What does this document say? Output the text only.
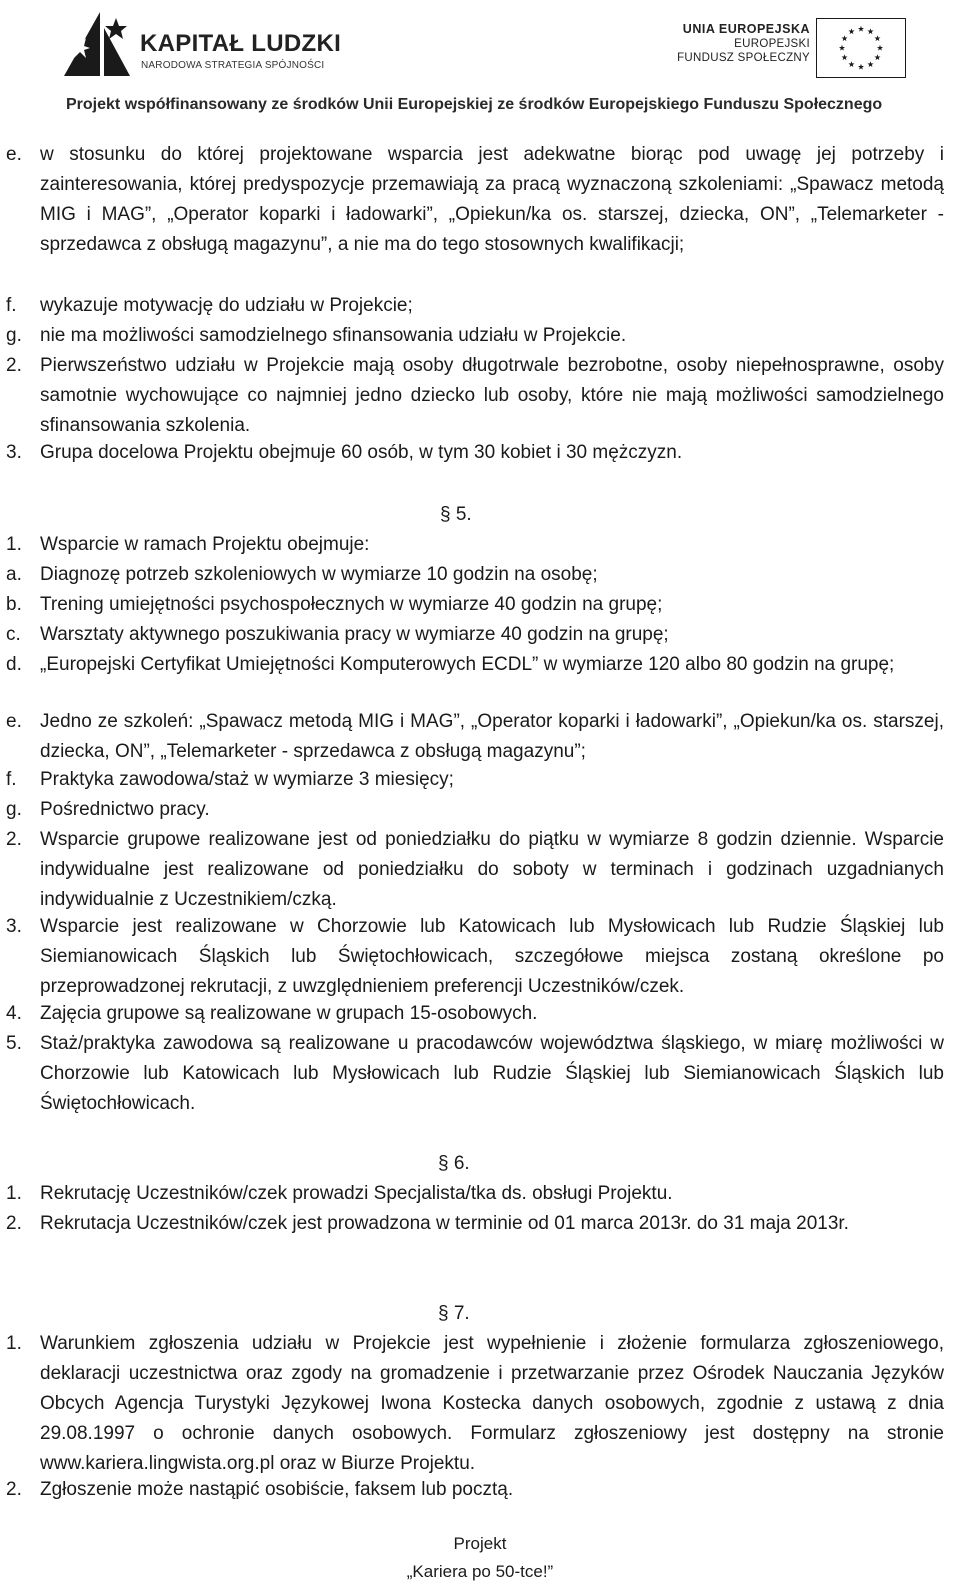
KAPITAŁ LUDZKI
NARODOWA STRATEGIA SPÓJNOŚCI
UNIA EUROPEJSKA
EUROPEJSKI
FUNDUSZ SPOŁECZNY
Projekt współfinansowany ze środków Unii Europejskiej ze środków Europejskiego Funduszu Społecznego
e. w stosunku do której projektowane wsparcia jest adekwatne biorąc pod uwagę jej potrzeby i zainteresowania, której predyspozycje przemawiają za pracą wyznaczoną szkoleniami: „Spawacz metodą MIG i MAG”, „Operator koparki i ładowarki”, „Opiekun/ka os. starszej, dziecka, ON”, „Telemarketer - sprzedawca z obsługą magazynu”, a nie ma do tego stosownych kwalifikacji;
f. wykazuje motywację do udziału w Projekcie;
g. nie ma możliwości samodzielnego sfinansowania udziału w Projekcie.
2. Pierwszeństwo udziału w Projekcie mają osoby długotrwale bezrobotne, osoby niepełnosprawne, osoby samotnie wychowujące co najmniej jedno dziecko lub osoby, które nie mają możliwości samodzielnego sfinansowania szkolenia.
3. Grupa docelowa Projektu obejmuje 60 osób, w tym 30 kobiet i 30 mężczyzn.
§ 5.
1. Wsparcie w ramach Projektu obejmuje:
a. Diagnozę potrzeb szkoleniowych w wymiarze 10 godzin na osobę;
b. Trening umiejętności psychospołecznych w wymiarze 40 godzin na grupę;
c. Warsztaty aktywnego poszukiwania pracy w wymiarze 40 godzin na grupę;
d. „Europejski Certyfikat Umiejętności Komputerowych ECDL” w wymiarze 120 albo 80 godzin na grupę;
e. Jedno ze szkoleń: „Spawacz metodą MIG i MAG”, „Operator koparki i ładowarki”, „Opiekun/ka os. starszej, dziecka, ON”, „Telemarketer - sprzedawca z obsługą magazynu”;
f. Praktyka zawodowa/staż w wymiarze 3 miesięcy;
g. Pośrednictwo pracy.
2. Wsparcie grupowe realizowane jest od poniedziałku do piątku w wymiarze 8 godzin dziennie. Wsparcie indywidualne jest realizowane od poniedziałku do soboty w terminach i godzinach uzgadnianych indywidualnie z Uczestnikiem/czką.
3. Wsparcie jest realizowane w Chorzowie lub Katowicach lub Mysłowicach lub Rudzie Śląskiej lub Siemianowicach Śląskich lub Świętochłowicach, szczegółowe miejsca zostaną określone po przeprowadzonej rekrutacji, z uwzględnieniem preferencji Uczestników/czek.
4. Zajęcia grupowe są realizowane w grupach 15-osobowych.
5. Staż/praktyka zawodowa są realizowane u pracodawców województwa śląskiego, w miarę możliwości w Chorzowie lub Katowicach lub Mysłowicach lub Rudzie Śląskiej lub Siemianowicach Śląskich lub Świętochłowicach.
§ 6.
1. Rekrutację Uczestników/czek prowadzi Specjalista/tka ds. obsługi Projektu.
2. Rekrutacja Uczestników/czek jest prowadzona w terminie od 01 marca 2013r. do 31 maja 2013r.
§ 7.
1. Warunkiem zgłoszenia udziału w Projekcie jest wypełnienie i złożenie formularza zgłoszeniowego, deklaracji uczestnictwa oraz zgody na gromadzenie i przetwarzanie przez Ośrodek Nauczania Języków Obcych Agencja Turystyki Językowej Iwona Kostecka danych osobowych, zgodnie z ustawą z dnia 29.08.1997 o ochronie danych osobowych. Formularz zgłoszeniowy jest dostępny na stronie www.kariera.lingwista.org.pl oraz w Biurze Projektu.
2. Zgłoszenie może nastąpić osobiście, faksem lub pocztą.
Projekt
„Kariera po 50-tce!”
